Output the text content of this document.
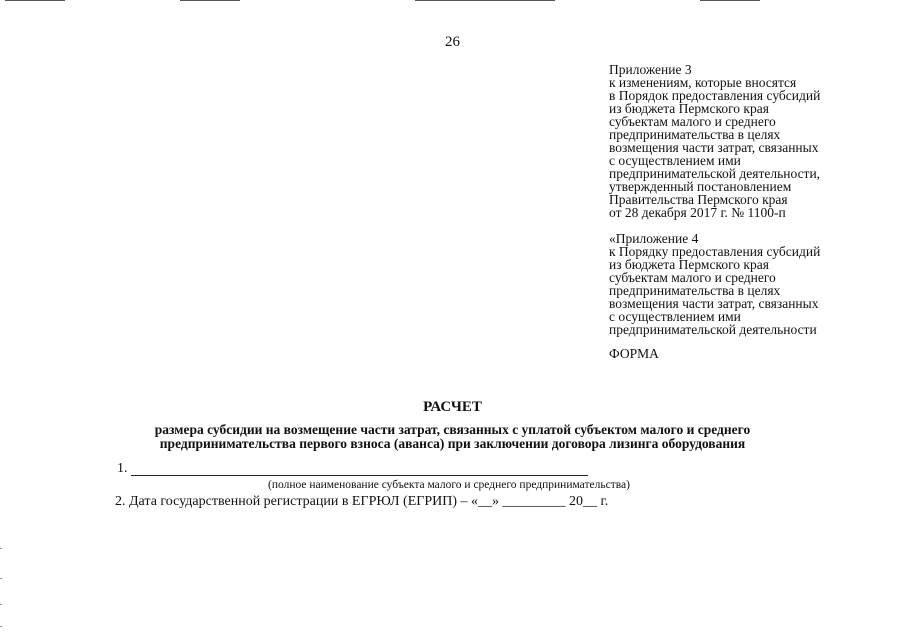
26
Приложение 3
к изменениям, которые вносятся
в Порядок предоставления субсидий
из бюджета Пермского края
субъектам малого и среднего
предпринимательства в целях
возмещения части затрат, связанных
с осуществлением ими
предпринимательской деятельности,
утвержденный постановлением
Правительства Пермского края
от 28 декабря 2017 г. № 1100-п
«Приложение 4
к Порядку предоставления субсидий
из бюджета Пермского края
субъектам малого и среднего
предпринимательства в целях
возмещения части затрат, связанных
с осуществлением ими
предпринимательской деятельности
ФОРМА
РАСЧЕТ
размера субсидии на возмещение части затрат, связанных с уплатой субъектом малого и среднего
предпринимательства первого взноса (аванса) при заключении договора лизинга оборудования
1.
(полное наименование субъекта малого и среднего предпринимательства)
2. Дата государственной регистрации в ЕГРЮЛ (ЕГРИП) – «__» _________ 20__ г.
